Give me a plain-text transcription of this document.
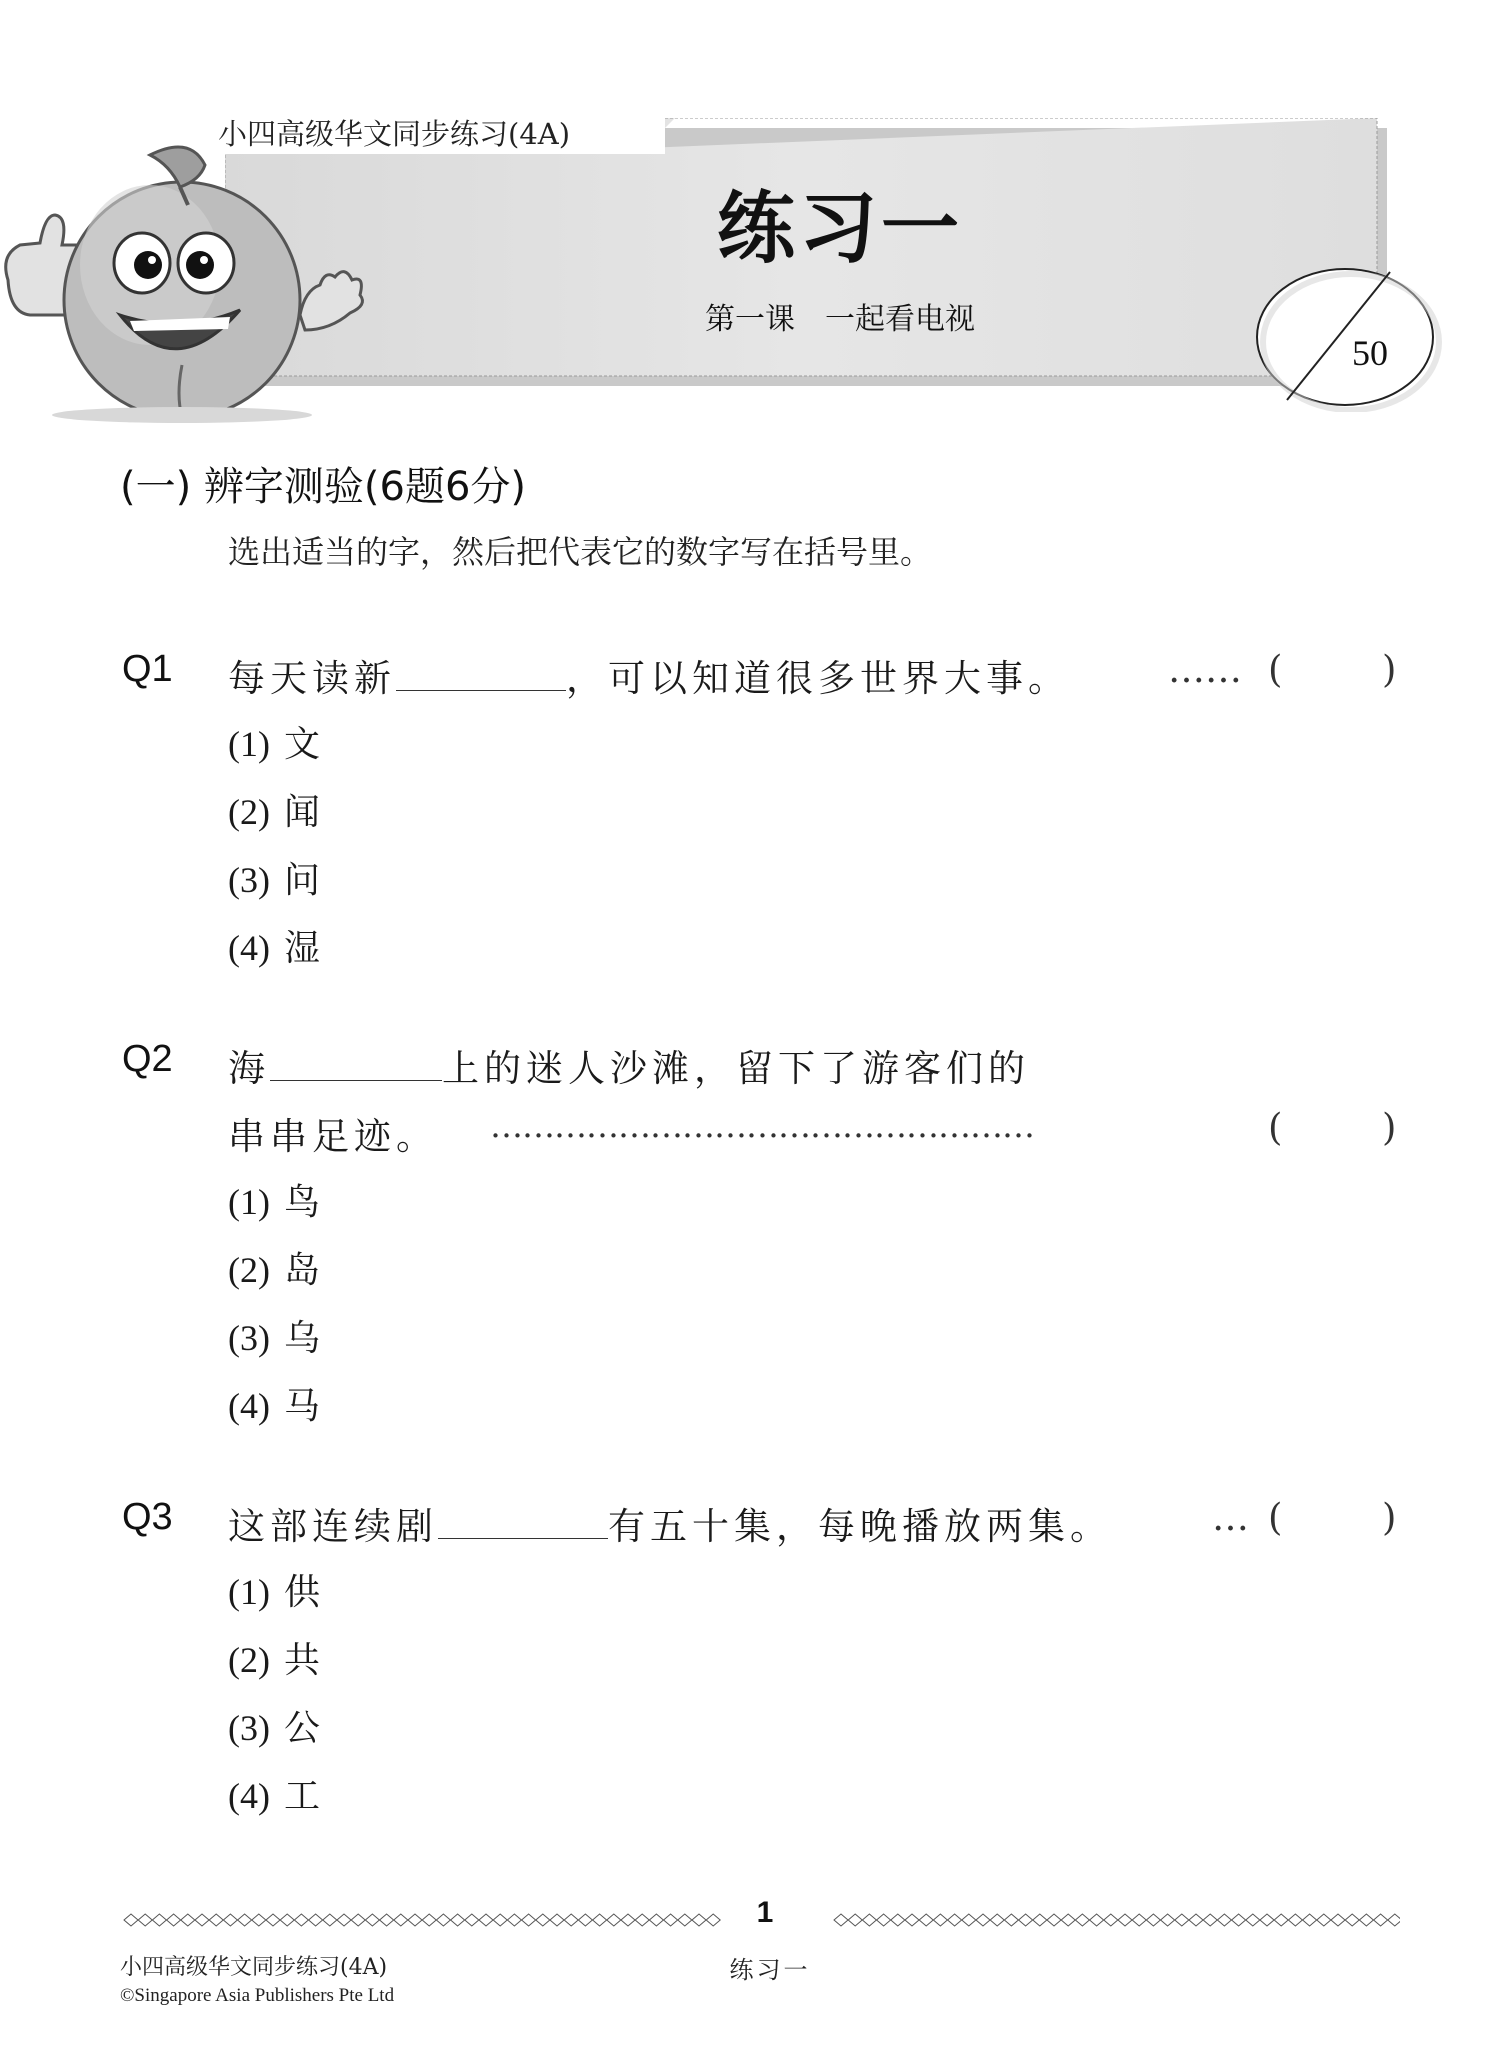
小四高级华文同步练习(4A)
练习一
第一课　一起看电视
50
(一) 辨字测验(6题6分)
选出适当的字，然后把代表它的数字写在括号里。
Q1 每天读新	，可以知道很多世界大事。	…… (	)
(1) 文
(2) 闻
(3) 问
(4) 湿
Q2 海	上的迷人沙滩，留下了游客们的
串串足迹。 ……………………………………………	(	)
(1) 鸟
(2) 岛
(3) 乌
(4) 马
Q3 这部连续剧	有五十集，每晚播放两集。	… (	)
(1) 供
(2) 共
(3) 公
(4) 工
1
小四高级华文同步练习(4A)
©Singapore Asia Publishers Pte Ltd
练习一
